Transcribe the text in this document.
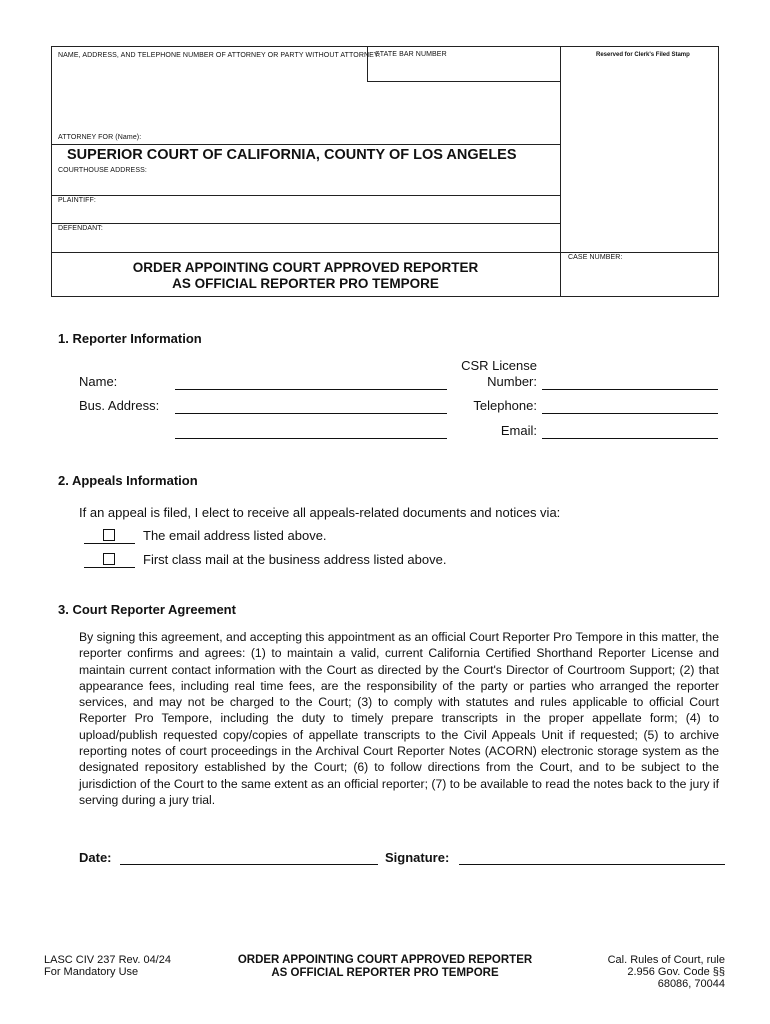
NAME, ADDRESS, AND TELEPHONE NUMBER OF ATTORNEY OR PARTY WITHOUT ATTORNEY:
STATE BAR NUMBER	Reserved for Clerk's Filed Stamp
ATTORNEY FOR (Name):
SUPERIOR COURT OF CALIFORNIA, COUNTY OF LOS ANGELES
COURTHOUSE ADDRESS:
PLAINTIFF:
DEFENDANT:
ORDER APPOINTING COURT APPROVED REPORTER
AS OFFICIAL REPORTER PRO TEMPORE
CASE NUMBER:
1. Reporter Information
Name:
Bus. Address:
CSR License
Number:
Telephone:
Email:
2. Appeals Information
If an appeal is filed, I elect to receive all appeals-related documents and notices via:
The email address listed above.
First class mail at the business address listed above.
3. Court Reporter Agreement
By signing this agreement, and accepting this appointment as an official Court Reporter Pro Tempore in this matter, the reporter confirms and agrees: (1) to maintain a valid, current California Certified Shorthand Reporter License and maintain current contact information with the Court as directed by the Court's Director of Courtroom Support; (2) that appearance fees, including real time fees, are the responsibility of the party or parties who arranged the reporter services, and may not be charged to the Court; (3) to comply with statutes and rules applicable to official Court Reporter Pro Tempore, including the duty to timely prepare transcripts in the proper appellate form; (4) to upload/publish requested copy/copies of appellate transcripts to the Civil Appeals Unit if requested; (5) to archive reporting notes of court proceedings in the Archival Court Reporter Notes (ACORN) electronic storage system as the designated repository established by the Court; (6) to follow directions from the Court, and to be subject to the jurisdiction of the Court to the same extent as an official reporter; (7) to be available to read the notes back to the jury if serving during a jury trial.
Date:	Signature:
LASC CIV 237 Rev. 04/24
For Mandatory Use
ORDER APPOINTING COURT APPROVED REPORTER
AS OFFICIAL REPORTER PRO TEMPORE
Cal. Rules of Court, rule
2.956 Gov. Code §§
68086, 70044
